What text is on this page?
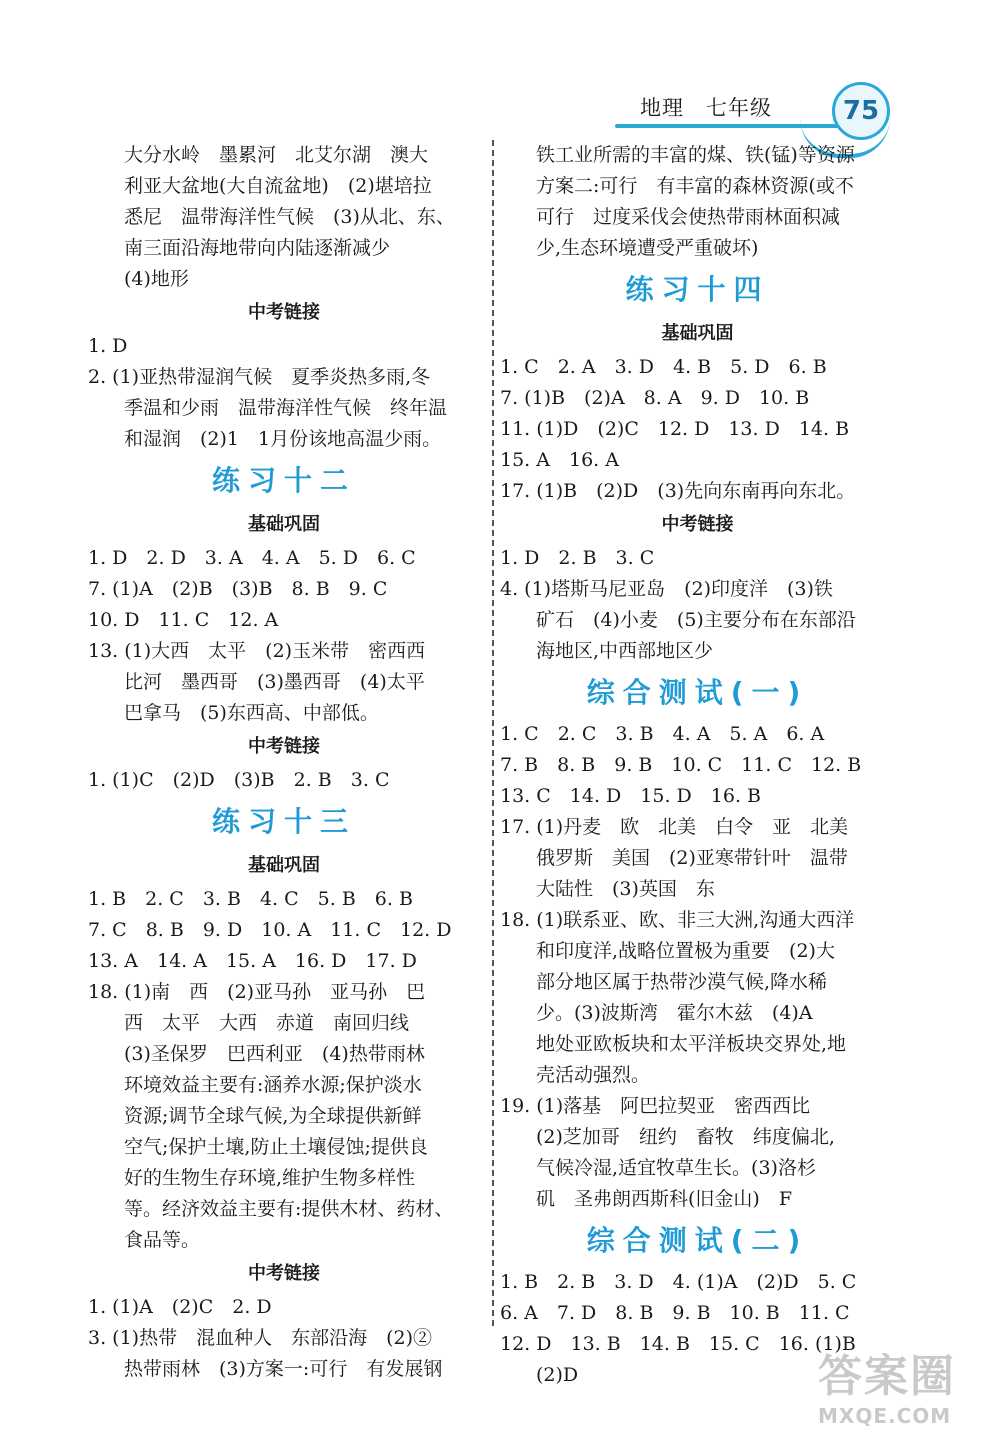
地理　七年级	75
大分水岭　墨累河　北艾尔湖　澳大
利亚大盆地(大自流盆地)　(2)堪培拉
悉尼　温带海洋性气候　(3)从北、东、
南三面沿海地带向内陆逐渐减少
(4)地形
中考链接
1. D
2. (1)亚热带湿润气候　夏季炎热多雨,冬
季温和少雨　温带海洋性气候　终年温
和湿润　(2)1　1月份该地高温少雨。
练习十二
基础巩固
1. D　2. D　3. A　4. A　5. D　6. C
7. (1)A　(2)B　(3)B　8. B　9. C
10. D　11. C　12. A
13. (1)大西　太平　(2)玉米带　密西西
比河　墨西哥　(3)墨西哥　(4)太平
巴拿马　(5)东西高、中部低。
中考链接
1. (1)C　(2)D　(3)B　2. B　3. C
练习十三
基础巩固
1. B　2. C　3. B　4. C　5. B　6. B
7. C　8. B　9. D　10. A　11. C　12. D
13. A　14. A　15. A　16. D　17. D
18. (1)南　西　(2)亚马孙　亚马孙　巴
西　太平　大西　赤道　南回归线
(3)圣保罗　巴西利亚　(4)热带雨林
环境效益主要有:涵养水源;保护淡水
资源;调节全球气候,为全球提供新鲜
空气;保护土壤,防止土壤侵蚀;提供良
好的生物生存环境,维护生物多样性
等。经济效益主要有:提供木材、药材、
食品等。
中考链接
1. (1)A　(2)C　2. D
3. (1)热带　混血种人　东部沿海　(2)②
热带雨林　(3)方案一:可行　有发展钢
铁工业所需的丰富的煤、铁(锰)等资源
方案二:可行　有丰富的森林资源(或不
可行　过度采伐会使热带雨林面积减
少,生态环境遭受严重破坏)
练习十四
基础巩固
1. C　2. A　3. D　4. B　5. D　6. B
7. (1)B　(2)A　8. A　9. D　10. B
11. (1)D　(2)C　12. D　13. D　14. B
15. A　16. A
17. (1)B　(2)D　(3)先向东南再向东北。
中考链接
1. D　2. B　3. C
4. (1)塔斯马尼亚岛　(2)印度洋　(3)铁
矿石　(4)小麦　(5)主要分布在东部沿
海地区,中西部地区少
综合测试(一)
1. C　2. C　3. B　4. A　5. A　6. A
7. B　8. B　9. B　10. C　11. C　12. B
13. C　14. D　15. D　16. B
17. (1)丹麦　欧　北美　白令　亚　北美
俄罗斯　美国　(2)亚寒带针叶　温带
大陆性　(3)英国　东
18. (1)联系亚、欧、非三大洲,沟通大西洋
和印度洋,战略位置极为重要　(2)大
部分地区属于热带沙漠气候,降水稀
少。(3)波斯湾　霍尔木兹　(4)A
地处亚欧板块和太平洋板块交界处,地
壳活动强烈。
19. (1)落基　阿巴拉契亚　密西西比
(2)芝加哥　纽约　畜牧　纬度偏北,
气候冷湿,适宜牧草生长。(3)洛杉
矶　圣弗朗西斯科(旧金山)　F
综合测试(二)
1. B　2. B　3. D　4. (1)A　(2)D　5. C
6. A　7. D　8. B　9. B　10. B　11. C
12. D　13. B　14. B　15. C　16. (1)B
(2)D	答案圈
MXQE.COM
